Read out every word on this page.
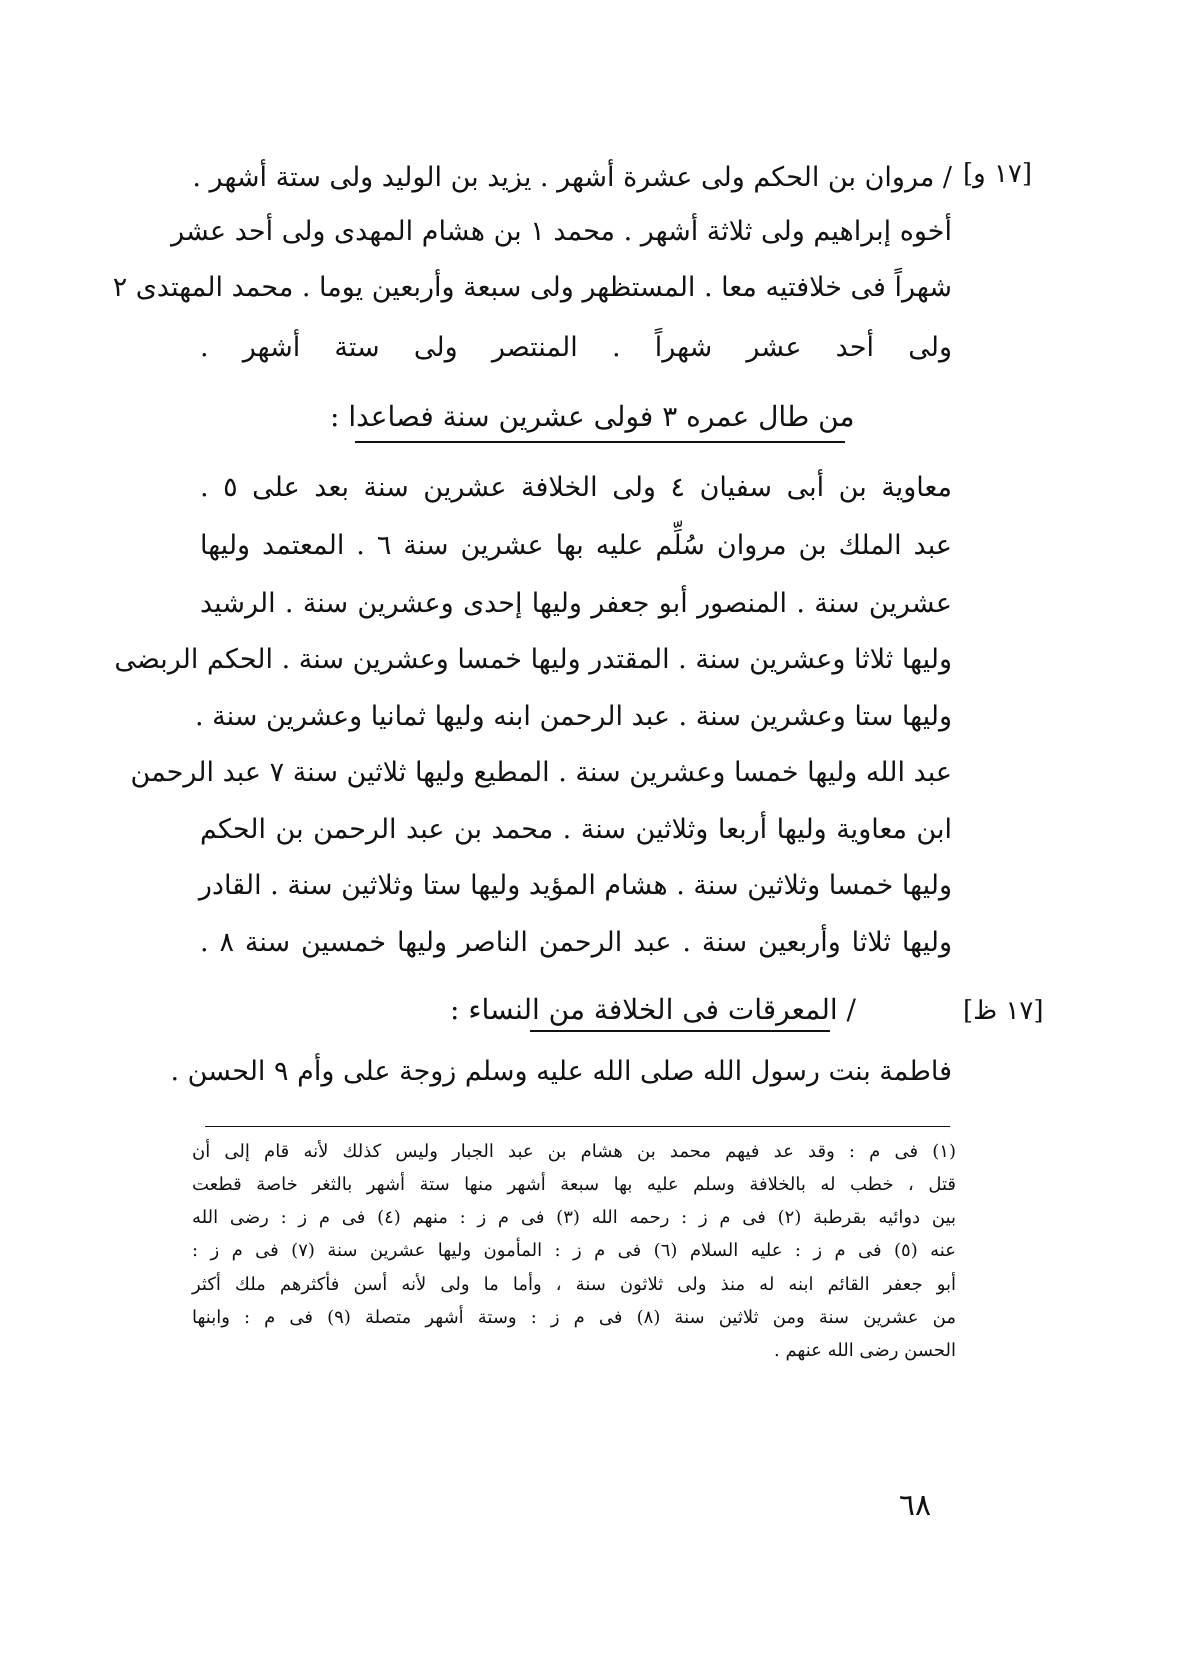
[١٧ و]
[١٧ ظ]
/ مروان بن الحكم ولى عشرة أشهر . يزيد بن الوليد ولى ستة أشهر .
أخوه إبراهيم ولى ثلاثة أشهر . محمد ١ بن هشام المهدى ولى أحد عشر
شهراً فى خلافتيه معا . المستظهر ولى سبعة وأربعين يوما . محمد المهتدى ٢
ولى أحد عشر شهراً . المنتصر ولى ستة أشهر .
من طال عمره ٣ فولى عشرين سنة فصاعدا :
معاوية بن أبى سفيان ٤ ولى الخلافة عشرين سنة بعد على ٥ .
عبد الملك بن مروان سُلِّم عليه بها عشرين سنة ٦ . المعتمد وليها
عشرين سنة . المنصور أبو جعفر وليها إحدى وعشرين سنة . الرشيد
وليها ثلاثا وعشرين سنة . المقتدر وليها خمسا وعشرين سنة . الحكم الربضى
وليها ستا وعشرين سنة . عبد الرحمن ابنه وليها ثمانيا وعشرين سنة .
عبد الله وليها خمسا وعشرين سنة . المطيع وليها ثلاثين سنة ٧ عبد الرحمن
ابن معاوية وليها أربعا وثلاثين سنة . محمد بن عبد الرحمن بن الحكم
وليها خمسا وثلاثين سنة . هشام المؤيد وليها ستا وثلاثين سنة . القادر
وليها ثلاثا وأربعين سنة . عبد الرحمن الناصر وليها خمسين سنة ٨ .
/ المعرقات فى الخلافة من النساء :
فاطمة بنت رسول الله صلى الله عليه وسلم زوجة على وأم ٩ الحسن .
(١) فى م : وقد عد فيهم محمد بن هشام بن عبد الجبار وليس كذلك لأنه قام إلى أن
قتل ، خطب له بالخلافة وسلم عليه بها سبعة أشهر منها ستة أشهر بالثغر خاصة قطعت
بين دوائيه بقرطبة (٢) فى م ز : رحمه الله (٣) فى م ز : منهم (٤) فى م ز : رضى الله
عنه (٥) فى م ز : عليه السلام (٦) فى م ز : المأمون وليها عشرين سنة (٧) فى م ز :
أبو جعفر القائم ابنه له منذ ولى ثلاثون سنة ، وأما ما ولى لأنه أسن فأكثرهم ملك أكثر
من عشرين سنة ومن ثلاثين سنة (٨) فى م ز : وستة أشهر متصلة (٩) فى م : وابنها
الحسن رضى الله عنهم .
٦٨
